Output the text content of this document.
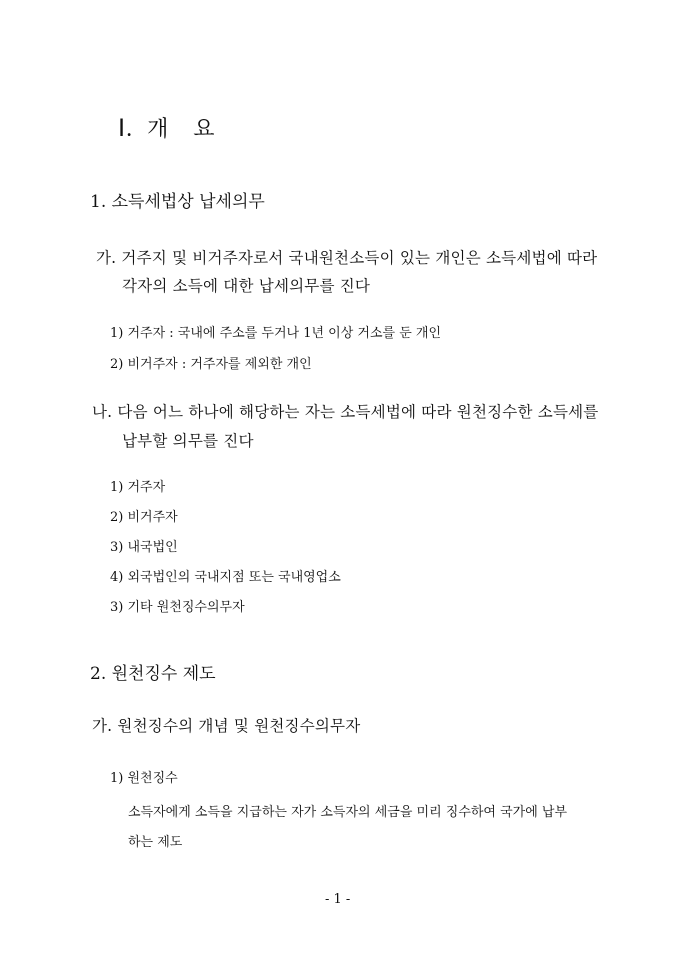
Ⅰ. 개   요
1. 소득세법상 납세의무
가. 거주지 및 비거주자로서 국내원천소득이 있는 개인은 소득세법에 따라
각자의 소득에 대한 납세의무를 진다
1) 거주자 : 국내에 주소를 두거나 1년 이상 거소를 둔 개인
2) 비거주자 : 거주자를 제외한 개인
나. 다음 어느 하나에 해당하는 자는 소득세법에 따라 원천징수한 소득세를
납부할 의무를 진다
1) 거주자
2) 비거주자
3) 내국법인
4) 외국법인의 국내지점 또는 국내영업소
3) 기타 원천징수의무자
2. 원천징수 제도
가. 원천징수의 개념 및 원천징수의무자
1) 원천징수
소득자에게 소득을 지급하는 자가 소득자의 세금을 미리 징수하여 국가에 납부
하는 제도
- 1 -
